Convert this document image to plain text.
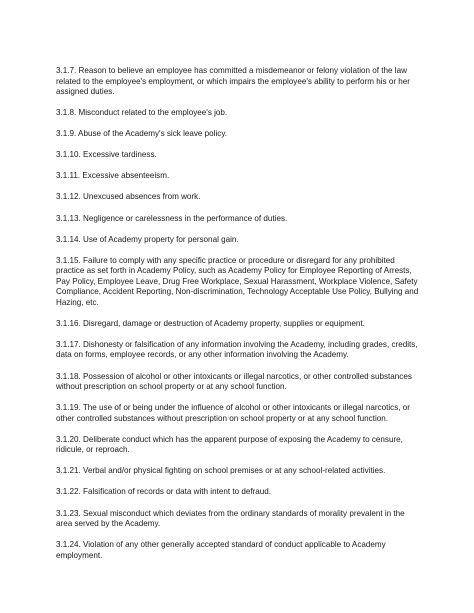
3.1.7. Reason to believe an employee has committed a misdemeanor or felony violation of the law related to the employee's employment, or which impairs the employee's ability to perform his or her assigned duties.

3.1.8. Misconduct related to the employee's job.

3.1.9. Abuse of the Academy's sick leave policy.

3.1.10. Excessive tardiness.

3.1.11. Excessive absenteeism.

3.1.12. Unexcused absences from work.

3.1.13. Negligence or carelessness in the performance of duties.

3.1.14. Use of Academy property for personal gain.

3.1.15. Failure to comply with any specific practice or procedure or disregard for any prohibited practice as set forth in Academy Policy, such as Academy Policy for Employee Reporting of Arrests, Pay Policy, Employee Leave, Drug Free Workplace, Sexual Harassment, Workplace Violence, Safety Compliance, Accident Reporting, Non-discrimination, Technology Acceptable Use Policy, Bullying and Hazing, etc.

3.1.16. Disregard, damage or destruction of Academy property, supplies or equipment.

3.1.17. Dishonesty or falsification of any information involving the Academy, including grades, credits, data on forms, employee records, or any other information involving the Academy.

3.1.18. Possession of alcohol or other intoxicants or illegal narcotics, or other controlled substances without prescription on school property or at any school function.

3.1.19. The use of or being under the influence of alcohol or other intoxicants or illegal narcotics, or other controlled substances without prescription on school property or at any school function.

3.1.20. Deliberate conduct which has the apparent purpose of exposing the Academy to censure, ridicule, or reproach.

3.1.21. Verbal and/or physical fighting on school premises or at any school-related activities.

3.1.22. Falsification of records or data with intent to defraud.

3.1.23. Sexual misconduct which deviates from the ordinary standards of morality prevalent in the area served by the Academy.

3.1.24. Violation of any other generally accepted standard of conduct applicable to Academy employment.
